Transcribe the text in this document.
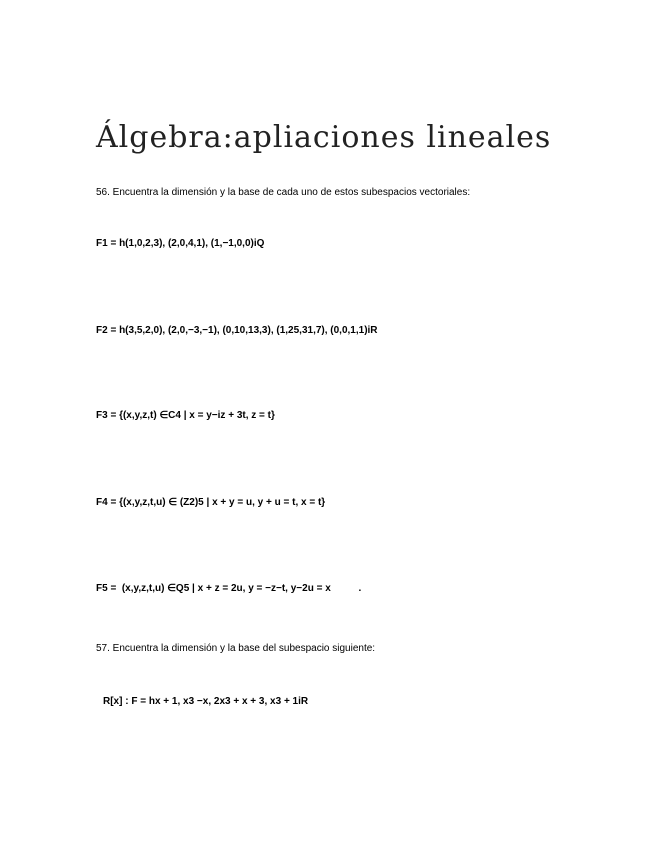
Álgebra:apliaciones lineales
56. Encuentra la dimensión y la base de cada uno de estos subespacios vectoriales:
F1 = h(1,0,2,3), (2,0,4,1), (1,−1,0,0)iQ
F2 = h(3,5,2,0), (2,0,−3,−1), (0,10,13,3), (1,25,31,7), (0,0,1,1)iR
F3 = {(x,y,z,t) ∈C4 | x = y−iz + 3t, z = t}
F4 = {(x,y,z,t,u) ∈ (Z2)5 | x + y = u, y + u = t, x = t}
F5 =  (x,y,z,t,u) ∈Q5 | x + z = 2u, y = −z−t, y−2u = x          .
57. Encuentra la dimensión y la base del subespacio siguiente:
R[x] : F = hx + 1, x3 −x, 2x3 + x + 3, x3 + 1iR
